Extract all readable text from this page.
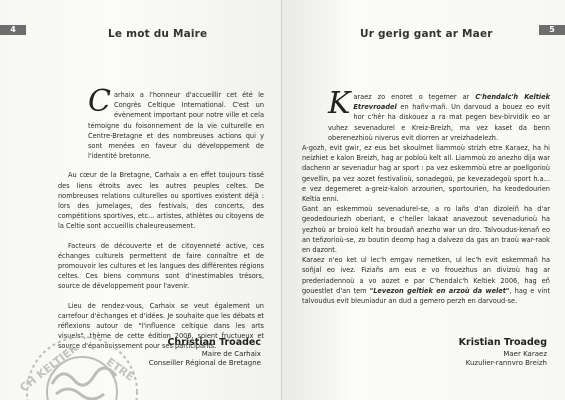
4	Le mot du Maire

Carhaix a l'honneur d'accueillir cet été le Congrès Celtique International. C'est un évènement important pour notre ville et cela témoigne du foisonnement de la vie culturelle en Centre-Bretagne et des nombreuses actions qui y sont menées en faveur du développement de l'identité bretonne.

Au cœur de la Bretagne, Carhaix a en effet toujours tissé des liens étroits avec les autres peuples celtes. De nombreuses relations culturelles ou sportives existent déjà : lors des jumelages, des festivals, des concerts, des compétitions sportives, etc... artistes, athlètes ou citoyens de la Celtie sont accueillis chaleureusement.

Facteurs de découverte et de citoyenneté active, ces échanges culturels permettent de faire connaître et de promouvoir les cultures et les langues des différentes régions celtes. Ces biens communs sont d'inestimables trésors, source de développement pour l'avenir.

Lieu de rendez-vous, Carhaix se veut également un carrefour d'échanges et d'idées. Je souhaite que les débats et réflexions autour de "l'influence celtique dans les arts visuels", thème de cette édition 2006, soient fructueux et source d'épanouissement pour ses participants.

CH KELTIEK ETRE
Christian Troadec
Maire de Carhaix
Conseiller Régional de Bretagne
5
Ur gerig gant ar Maer

Karaez zo enoret o tegemer ar C'hendalc'h Keltiek Etrevroadel en hañv-mañ. Un darvoud a bouez eo evit hor c'hêr ha diskouez a ra mat pegen bev-birvidik eo ar vuhez sevenadurel e Kreiz-Breizh, ma vez kaset da benn oberenezhioù niverus evit diorren ar vreizhadelezh.

A-gozh, evit gwir, ez eus bet skoulmet liammoù strizh etre Karaez, ha hi neizhiet e kalon Breizh, hag ar pobloù kelt all. Liammoù zo anezho dija war dachenn ar sevenadur hag ar sport : pa vez eskemmoù etre ar poellgorioù gevellin, pa vez aozet festivalioù, sonadegoù, pe kevezadegoù sport h.a... e vez degemeret a-greiz-kalon arzourien, sportourien, ha keodedourien Keltia enni.

Gant an eskemmoù sevenadurel-se, a ro lañs d'an dizoleiñ ha d'ar geodedouriezh oberiant, e c'heller lakaat anavezout sevenadurioù ha yezhoù ar broioù kelt ha broudañ anezho war un dro. Talvoudus-kenañ eo an teñzorioù-se, zo boutin deomp hag a dalvezo da gas an traoù war-raok en dazont.

Karaez n'eo ket ul lec'h emgav nemetken, ul lec'h evit eskemmañ ha soñjal eo ivez. Fiziañs am eus e vo frouezhus an divizoù hag ar prederiadennoù a vo aozet e par C'hendalc'h Keltiek 2006, hag eñ gouestlet d'an tem "Levezon geltiek en arzoù da welet", hag e vint talvoudus evit bleuniadur an dud a gemero perzh en darvoud-se.

Kristian Troadeg
Maer Karaez
Kuzulier-rannvro Breizh
